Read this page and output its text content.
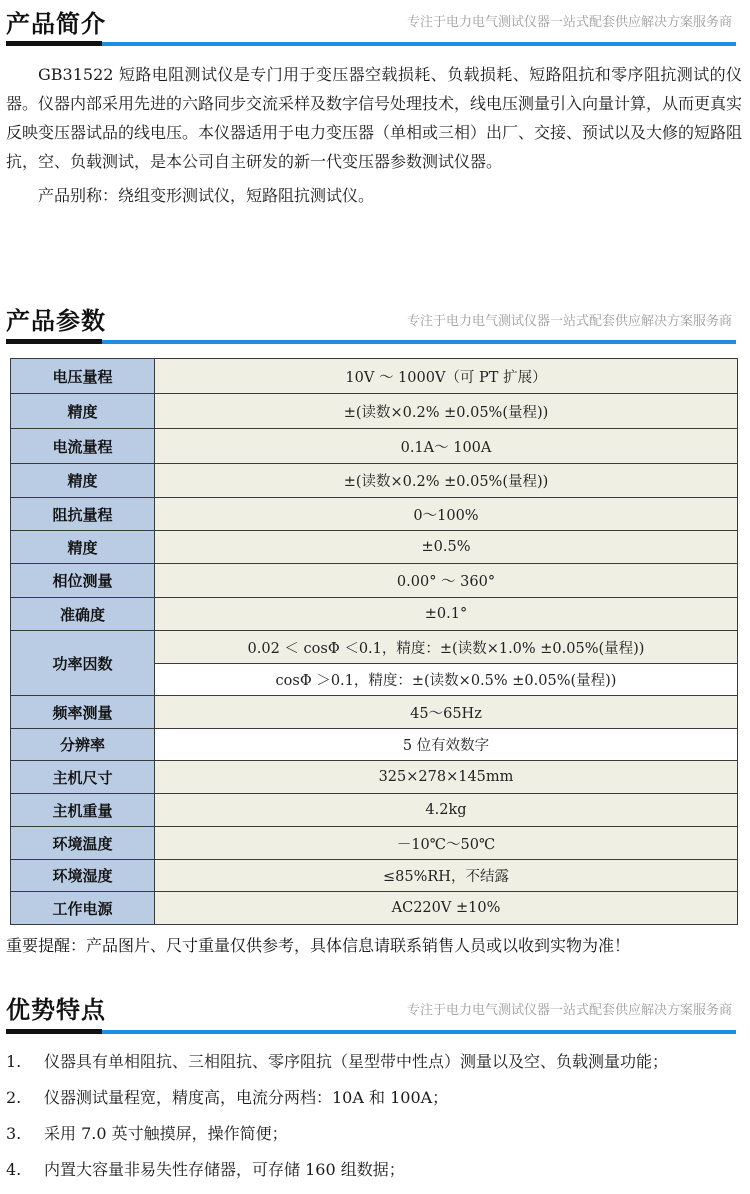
产品简介	专注于电力电气测试仪器一站式配套供应解决方案服务商

GB31522 短路电阻测试仪是专门用于变压器空载损耗、负载损耗、短路阻抗和零序阻抗测试的仪器。仪器内部采用先进的六路同步交流采样及数字信号处理技术，线电压测量引入向量计算，从而更真实反映变压器试品的线电压。本仪器适用于电力变压器（单相或三相）出厂、交接、预试以及大修的短路阻抗，空、负载测试，是本公司自主研发的新一代变压器参数测试仪器。

产品别称：绕组变形测试仪，短路阻抗测试仪。

产品参数	专注于电力电气测试仪器一站式配套供应解决方案服务商
电压量程	10V ～ 1000V（可 PT 扩展）
精度	±(读数×0.2% ±0.05%(量程))
电流量程	0.1A～ 100A
精度	±(读数×0.2% ±0.05%(量程))
阻抗量程	0～100%
精度	±0.5%
相位测量	0.00° ～ 360°
准确度	±0.1°
功率因数	0.02 ＜ cosΦ ＜0.1，精度：±(读数×1.0% ±0.05%(量程))
	cosΦ ＞0.1，精度：±(读数×0.5% ±0.05%(量程))
频率测量	45～65Hz
分辨率	5 位有效数字
主机尺寸	325×278×145mm
主机重量	4.2kg
环境温度	－10℃～50℃
环境湿度	≤85%RH，不结露
工作电源	AC220V ±10%
重要提醒：产品图片、尺寸重量仅供参考，具体信息请联系销售人员或以收到实物为准！
优势特点	专注于电力电气测试仪器一站式配套供应解决方案服务商
1. 仪器具有单相阻抗、三相阻抗、零序阻抗（星型带中性点）测量以及空、负载测量功能；
2. 仪器测试量程宽，精度高，电流分两档：10A 和 100A；
3. 采用 7.0 英寸触摸屏，操作简便；
4. 内置大容量非易失性存储器，可存储 160 组数据；
